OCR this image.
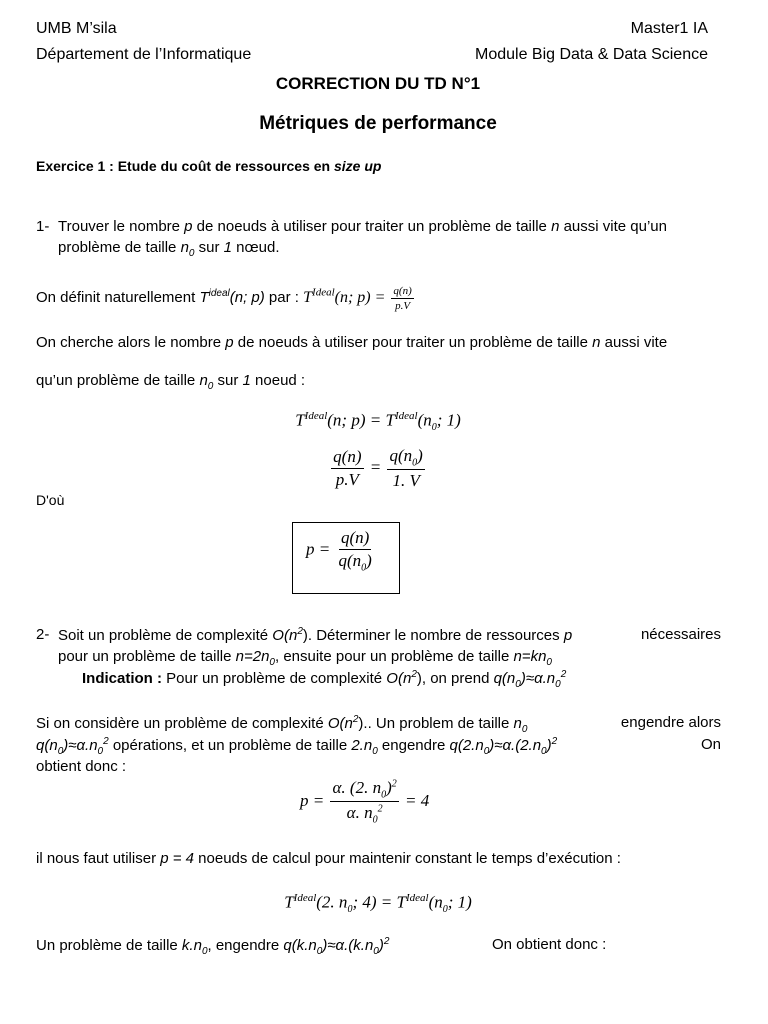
UMB M’sila	Master1 IA
Département de l’Informatique	Module Big Data & Data Science
CORRECTION DU TD N°1
Métriques de performance
Exercice 1 : Etude du coût de ressources en size up
1- Trouver le nombre p de noeuds à utiliser pour traiter un problème de taille n aussi vite qu’un
problème de taille $n_0$ sur 1 nœud.
On définit naturellement $T^{ideal}(n$; p) par : $T^{Ideal}(n$; $p) = \frac{q(n)}{p.V}$
On cherche alors le nombre p de noeuds à utiliser pour traiter un problème de taille n aussi vite
qu’un problème de taille $n_0$ sur 1 noeud :
$T^{Ideal}(n$; $p) = T^{Ideal}(n_0$; 1)
$\frac{q(n)}{p.V} = \frac{q(n_0)}{1. V}$
D'où
$p = \frac{q(n)}{q(n_0)}$
2- Soit un problème de complexité $O(n^2)$. Déterminer le nombre de ressources p	nécessaires
pour un problème de taille $n=2n_0$, ensuite pour un problème de taille $n=kn_0$
Indication : Pour un problème de complexité $O(n^2)$, on prend $q(n_0)\approx\alpha.n_0^2$
Si on considère un problème de complexité $O(n^2)$.. Un problem de taille $n_0$	engendre alors
$q(n_0)\approx\alpha.n_0^2$ opérations, et un problème de taille $2.n_0$ engendre $q(2.n_0)\approx\alpha.(2.n_0)^2$	On
obtient donc :
$p = \frac{\alpha. (2. n_0)^2}{\alpha. n_0^2} = 4$
il nous faut utiliser p = 4 noeuds de calcul pour maintenir constant le temps d’exécution :
$T^{Ideal}(2$. $n_0$; $4) = T^{Ideal}(n_0$; 1)
Un problème de taille $k.n_0$, engendre $q(k.n_0)\approx\alpha.(k.n_0)^2$	On obtient donc :
